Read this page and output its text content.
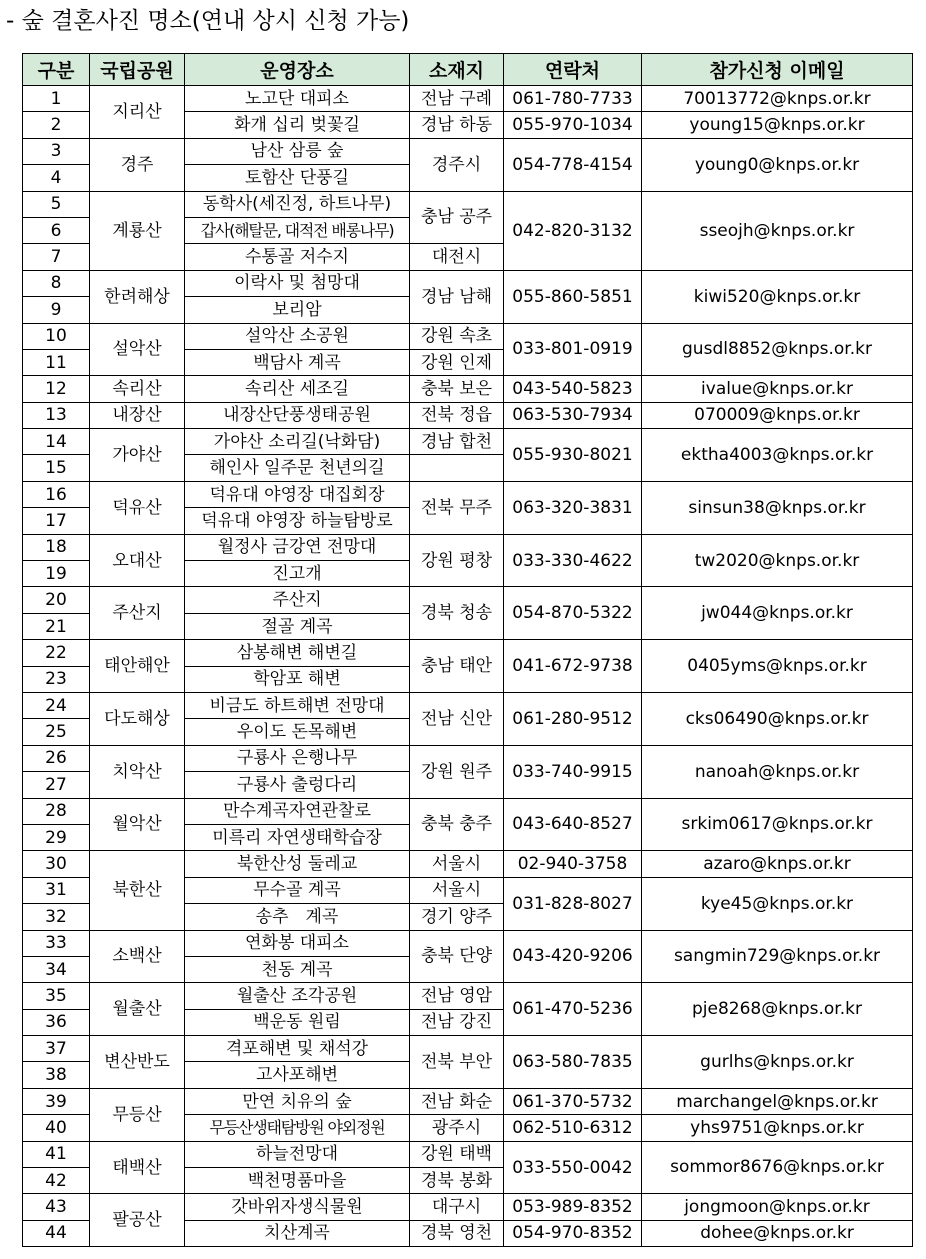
- 숲 결혼사진 명소(연내 상시 신청 가능)
구분	국립공원	운영장소	소재지	연락처	참가신청 이메일
1	지리산	노고단 대피소	전남 구례	061-780-7733	70013772@knps.or.kr
2		화개 십리 벚꽃길	경남 하동	055-970-1034	young15@knps.or.kr
3	경주	남산 삼릉 숲	경주시	054-778-4154	young0@knps.or.kr
4		토함산 단풍길			
5	계룡산	동학사(세진정, 하트나무)	충남 공주	042-820-3132	sseojh@knps.or.kr
6		갑사(해탈문, 대적전 배롱나무)			
7		수통골 저수지	대전시		
8	한려해상	이락사 및 첨망대	경남 남해	055-860-5851	kiwi520@knps.or.kr
9		보리암			
10	설악산	설악산 소공원	강원 속초	033-801-0919	gusdl8852@knps.or.kr
11		백담사 계곡	강원 인제		
12	속리산	속리산 세조길	충북 보은	043-540-5823	ivalue@knps.or.kr
13	내장산	내장산단풍생태공원	전북 정읍	063-530-7934	070009@knps.or.kr
14	가야산	가야산 소리길(낙화담)	경남 합천	055-930-8021	ektha4003@knps.or.kr
15		해인사 일주문 천년의길			
16	덕유산	덕유대 야영장 대집회장	전북 무주	063-320-3831	sinsun38@knps.or.kr
17		덕유대 야영장 하늘탐방로			
18	오대산	월정사 금강연 전망대	강원 평창	033-330-4622	tw2020@knps.or.kr
19		진고개			
20	주산지	주산지	경북 청송	054-870-5322	jw044@knps.or.kr
21		절골 계곡			
22	태안해안	삼봉해변 해변길	충남 태안	041-672-9738	0405yms@knps.or.kr
23		학암포 해변			
24	다도해상	비금도 하트해변 전망대	전남 신안	061-280-9512	cks06490@knps.or.kr
25		우이도 돈목해변			
26	치악산	구룡사 은행나무	강원 원주	033-740-9915	nanoah@knps.or.kr
27		구룡사 출렁다리			
28	월악산	만수계곡자연관찰로	충북 충주	043-640-8527	srkim0617@knps.or.kr
29		미륵리 자연생태학습장			
30	북한산	북한산성 둘레교	서울시	02-940-3758	azaro@knps.or.kr
31		무수골 계곡	서울시	031-828-8027	kye45@knps.or.kr
32		송추　계곡	경기 양주		
33	소백산	연화봉 대피소	충북 단양	043-420-9206	sangmin729@knps.or.kr
34		천동 계곡			
35	월출산	월출산 조각공원	전남 영암	061-470-5236	pje8268@knps.or.kr
36		백운동 원림	전남 강진		
37	변산반도	격포해변 및 채석강	전북 부안	063-580-7835	gurlhs@knps.or.kr
38		고사포해변			
39	무등산	만연 치유의 숲	전남 화순	061-370-5732	marchangel@knps.or.kr
40		무등산생태탐방원 야외정원	광주시	062-510-6312	yhs9751@knps.or.kr
41	태백산	하늘전망대	강원 태백	033-550-0042	sommor8676@knps.or.kr
42		백천명품마을	경북 봉화		
43	팔공산	갓바위자생식물원	대구시	053-989-8352	jongmoon@knps.or.kr
44		치산계곡	경북 영천	054-970-8352	dohee@knps.or.kr
